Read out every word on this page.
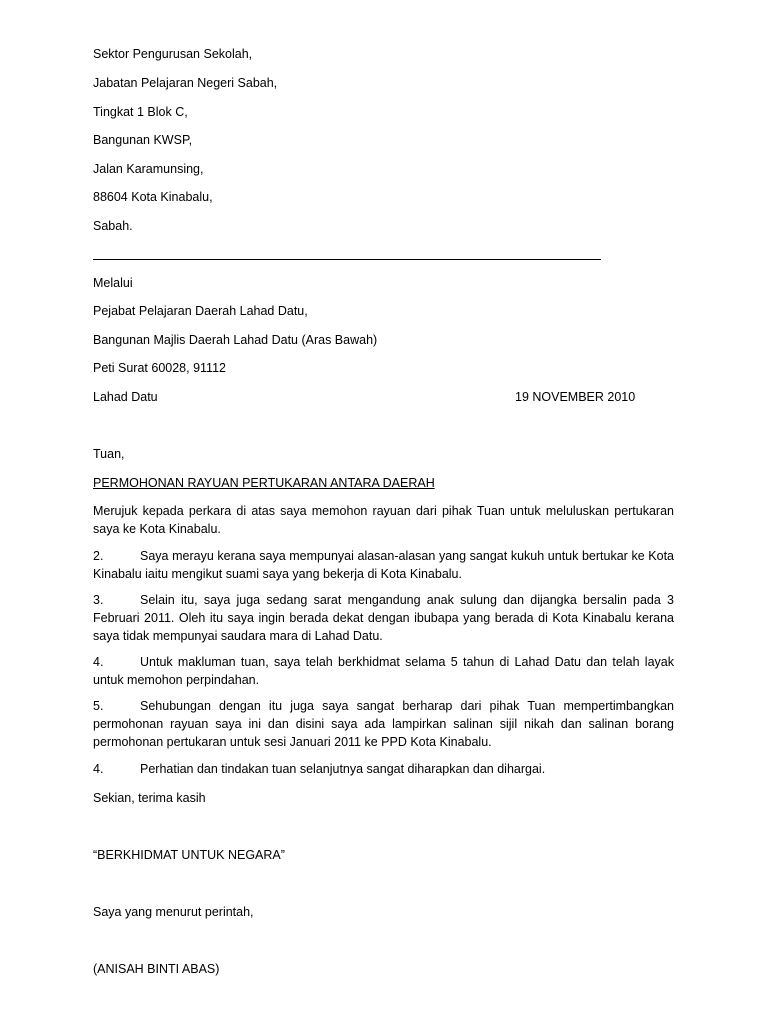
Sektor Pengurusan Sekolah,
Jabatan Pelajaran Negeri Sabah,
Tingkat 1 Blok C,
Bangunan KWSP,
Jalan Karamunsing,
88604 Kota Kinabalu,
Sabah.
Melalui
Pejabat Pelajaran Daerah Lahad Datu,
Bangunan Majlis Daerah Lahad Datu (Aras Bawah)
Peti Surat 60028, 91112
Lahad Datu	19 NOVEMBER 2010
Tuan,
PERMOHONAN RAYUAN PERTUKARAN ANTARA DAERAH
Merujuk kepada perkara di atas saya memohon rayuan dari pihak Tuan untuk meluluskan pertukaran saya ke Kota Kinabalu.
2.	Saya merayu kerana saya mempunyai alasan-alasan yang sangat kukuh untuk bertukar ke Kota Kinabalu iaitu mengikut suami saya yang bekerja di Kota Kinabalu.
3.	Selain itu, saya juga sedang sarat mengandung anak sulung dan dijangka bersalin pada 3 Februari 2011. Oleh itu saya ingin berada dekat dengan ibubapa yang berada di Kota Kinabalu kerana saya tidak mempunyai saudara mara di Lahad Datu.
4.	Untuk makluman tuan, saya telah berkhidmat selama 5 tahun di Lahad Datu dan telah layak untuk memohon perpindahan.
5.	Sehubungan dengan itu juga saya sangat berharap dari pihak Tuan mempertimbangkan permohonan rayuan saya ini dan disini saya ada lampirkan salinan sijil nikah dan salinan borang permohonan pertukaran untuk sesi Januari 2011 ke PPD Kota Kinabalu.
4.	Perhatian dan tindakan tuan selanjutnya sangat diharapkan dan dihargai.
Sekian, terima kasih
“BERKHIDMAT UNTUK NEGARA”
Saya yang menurut perintah,
(ANISAH BINTI ABAS)
